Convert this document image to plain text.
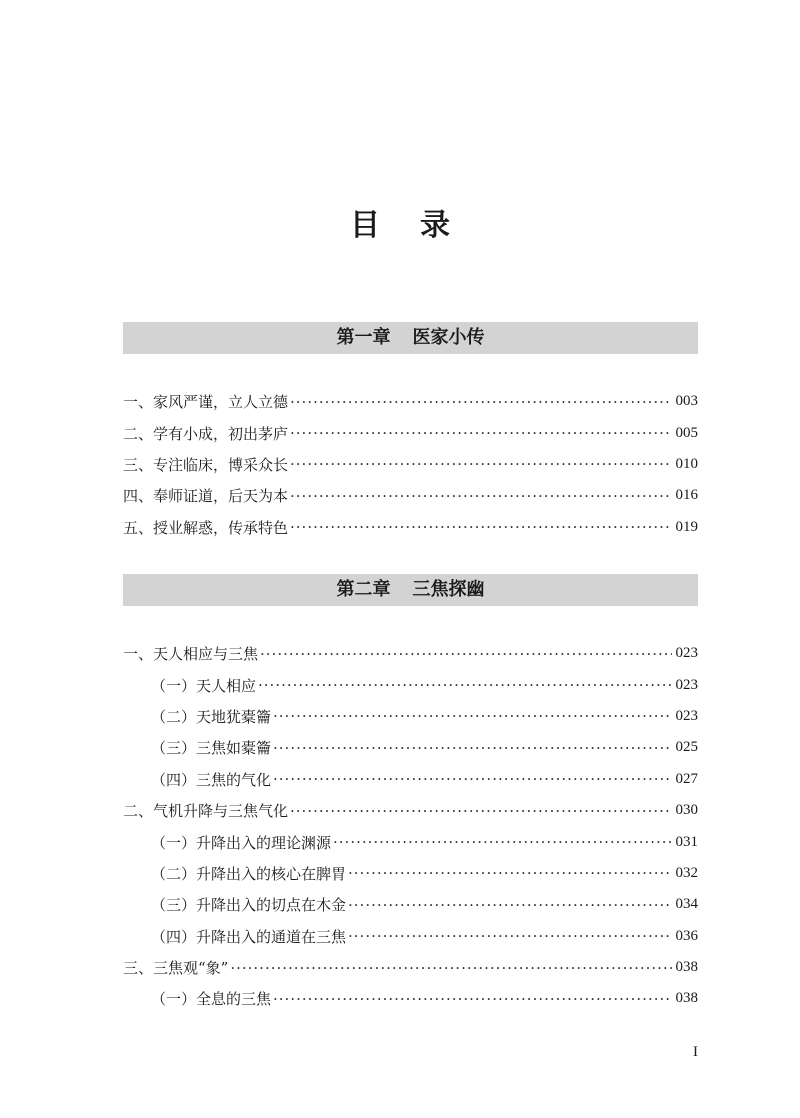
目 录
第一章 医家小传
一、家风严谨，立人立德 ·····	003
二、学有小成，初出茅庐 ·····	005
三、专注临床，博采众长 ·····	010
四、奉师证道，后天为本 ·····	016
五、授业解惑，传承特色 ·····	019
第二章 三焦探幽
一、天人相应与三焦 ·····	023
（一）天人相应 ·····	023
（二）天地犹橐籥 ·····	023
（三）三焦如橐籥 ·····	025
（四）三焦的气化 ·····	027
二、气机升降与三焦气化 ·····	030
（一）升降出入的理论渊源 ·····	031
（二）升降出入的核心在脾胃 ·····	032
（三）升降出入的切点在木金 ·····	034
（四）升降出入的通道在三焦 ·····	036
三、三焦观“象” ·····	038
（一）全息的三焦 ·····	038
I
